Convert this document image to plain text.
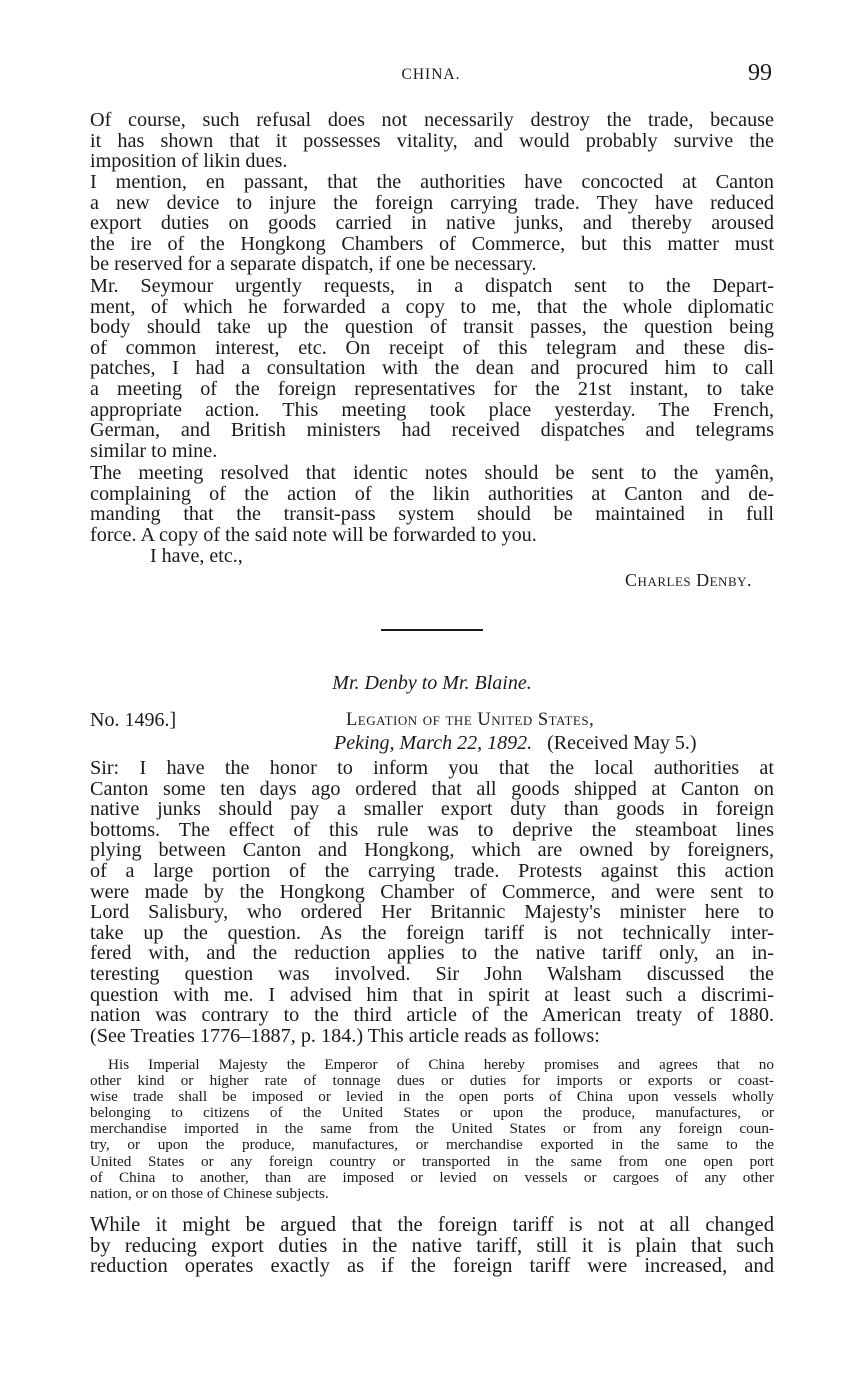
CHINA.	99
Of course, such refusal does not necessarily destroy the trade, because
it has shown that it possesses vitality, and would probably survive the
imposition of likin dues.
I mention, en passant, that the authorities have concocted at Canton
a new device to injure the foreign carrying trade. They have reduced
export duties on goods carried in native junks, and thereby aroused
the ire of the Hongkong Chambers of Commerce, but this matter must
be reserved for a separate dispatch, if one be necessary.
Mr. Seymour urgently requests, in a dispatch sent to the Depart-
ment, of which he forwarded a copy to me, that the whole diplomatic
body should take up the question of transit passes, the question being
of common interest, etc. On receipt of this telegram and these dis-
patches, I had a consultation with the dean and procured him to call
a meeting of the foreign representatives for the 21st instant, to take
appropriate action. This meeting took place yesterday. The French,
German, and British ministers had received dispatches and telegrams
similar to mine.
The meeting resolved that identic notes should be sent to the yamên,
complaining of the action of the likin authorities at Canton and de-
manding that the transit-pass system should be maintained in full
force. A copy of the said note will be forwarded to you.
I have, etc.,
Charles Denby.
Mr. Denby to Mr. Blaine.
No. 1496.]	Legation of the United States,
Peking, March 22, 1892. (Received May 5.)
Sir: I have the honor to inform you that the local authorities at
Canton some ten days ago ordered that all goods shipped at Canton on
native junks should pay a smaller export duty than goods in foreign
bottoms. The effect of this rule was to deprive the steamboat lines
plying between Canton and Hongkong, which are owned by foreigners,
of a large portion of the carrying trade. Protests against this action
were made by the Hongkong Chamber of Commerce, and were sent to
Lord Salisbury, who ordered Her Britannic Majesty's minister here to
take up the question. As the foreign tariff is not technically inter-
fered with, and the reduction applies to the native tariff only, an in-
teresting question was involved. Sir John Walsham discussed the
question with me. I advised him that in spirit at least such a discrimi-
nation was contrary to the third article of the American treaty of 1880.
(See Treaties 1776–1887, p. 184.) This article reads as follows:
His Imperial Majesty the Emperor of China hereby promises and agrees that no
other kind or higher rate of tonnage dues or duties for imports or exports or coast-
wise trade shall be imposed or levied in the open ports of China upon vessels wholly
belonging to citizens of the United States or upon the produce, manufactures, or
merchandise imported in the same from the United States or from any foreign coun-
try, or upon the produce, manufactures, or merchandise exported in the same to the
United States or any foreign country or transported in the same from one open port
of China to another, than are imposed or levied on vessels or cargoes of any other
nation, or on those of Chinese subjects.
While it might be argued that the foreign tariff is not at all changed
by reducing export duties in the native tariff, still it is plain that such
reduction operates exactly as if the foreign tariff were increased, and
